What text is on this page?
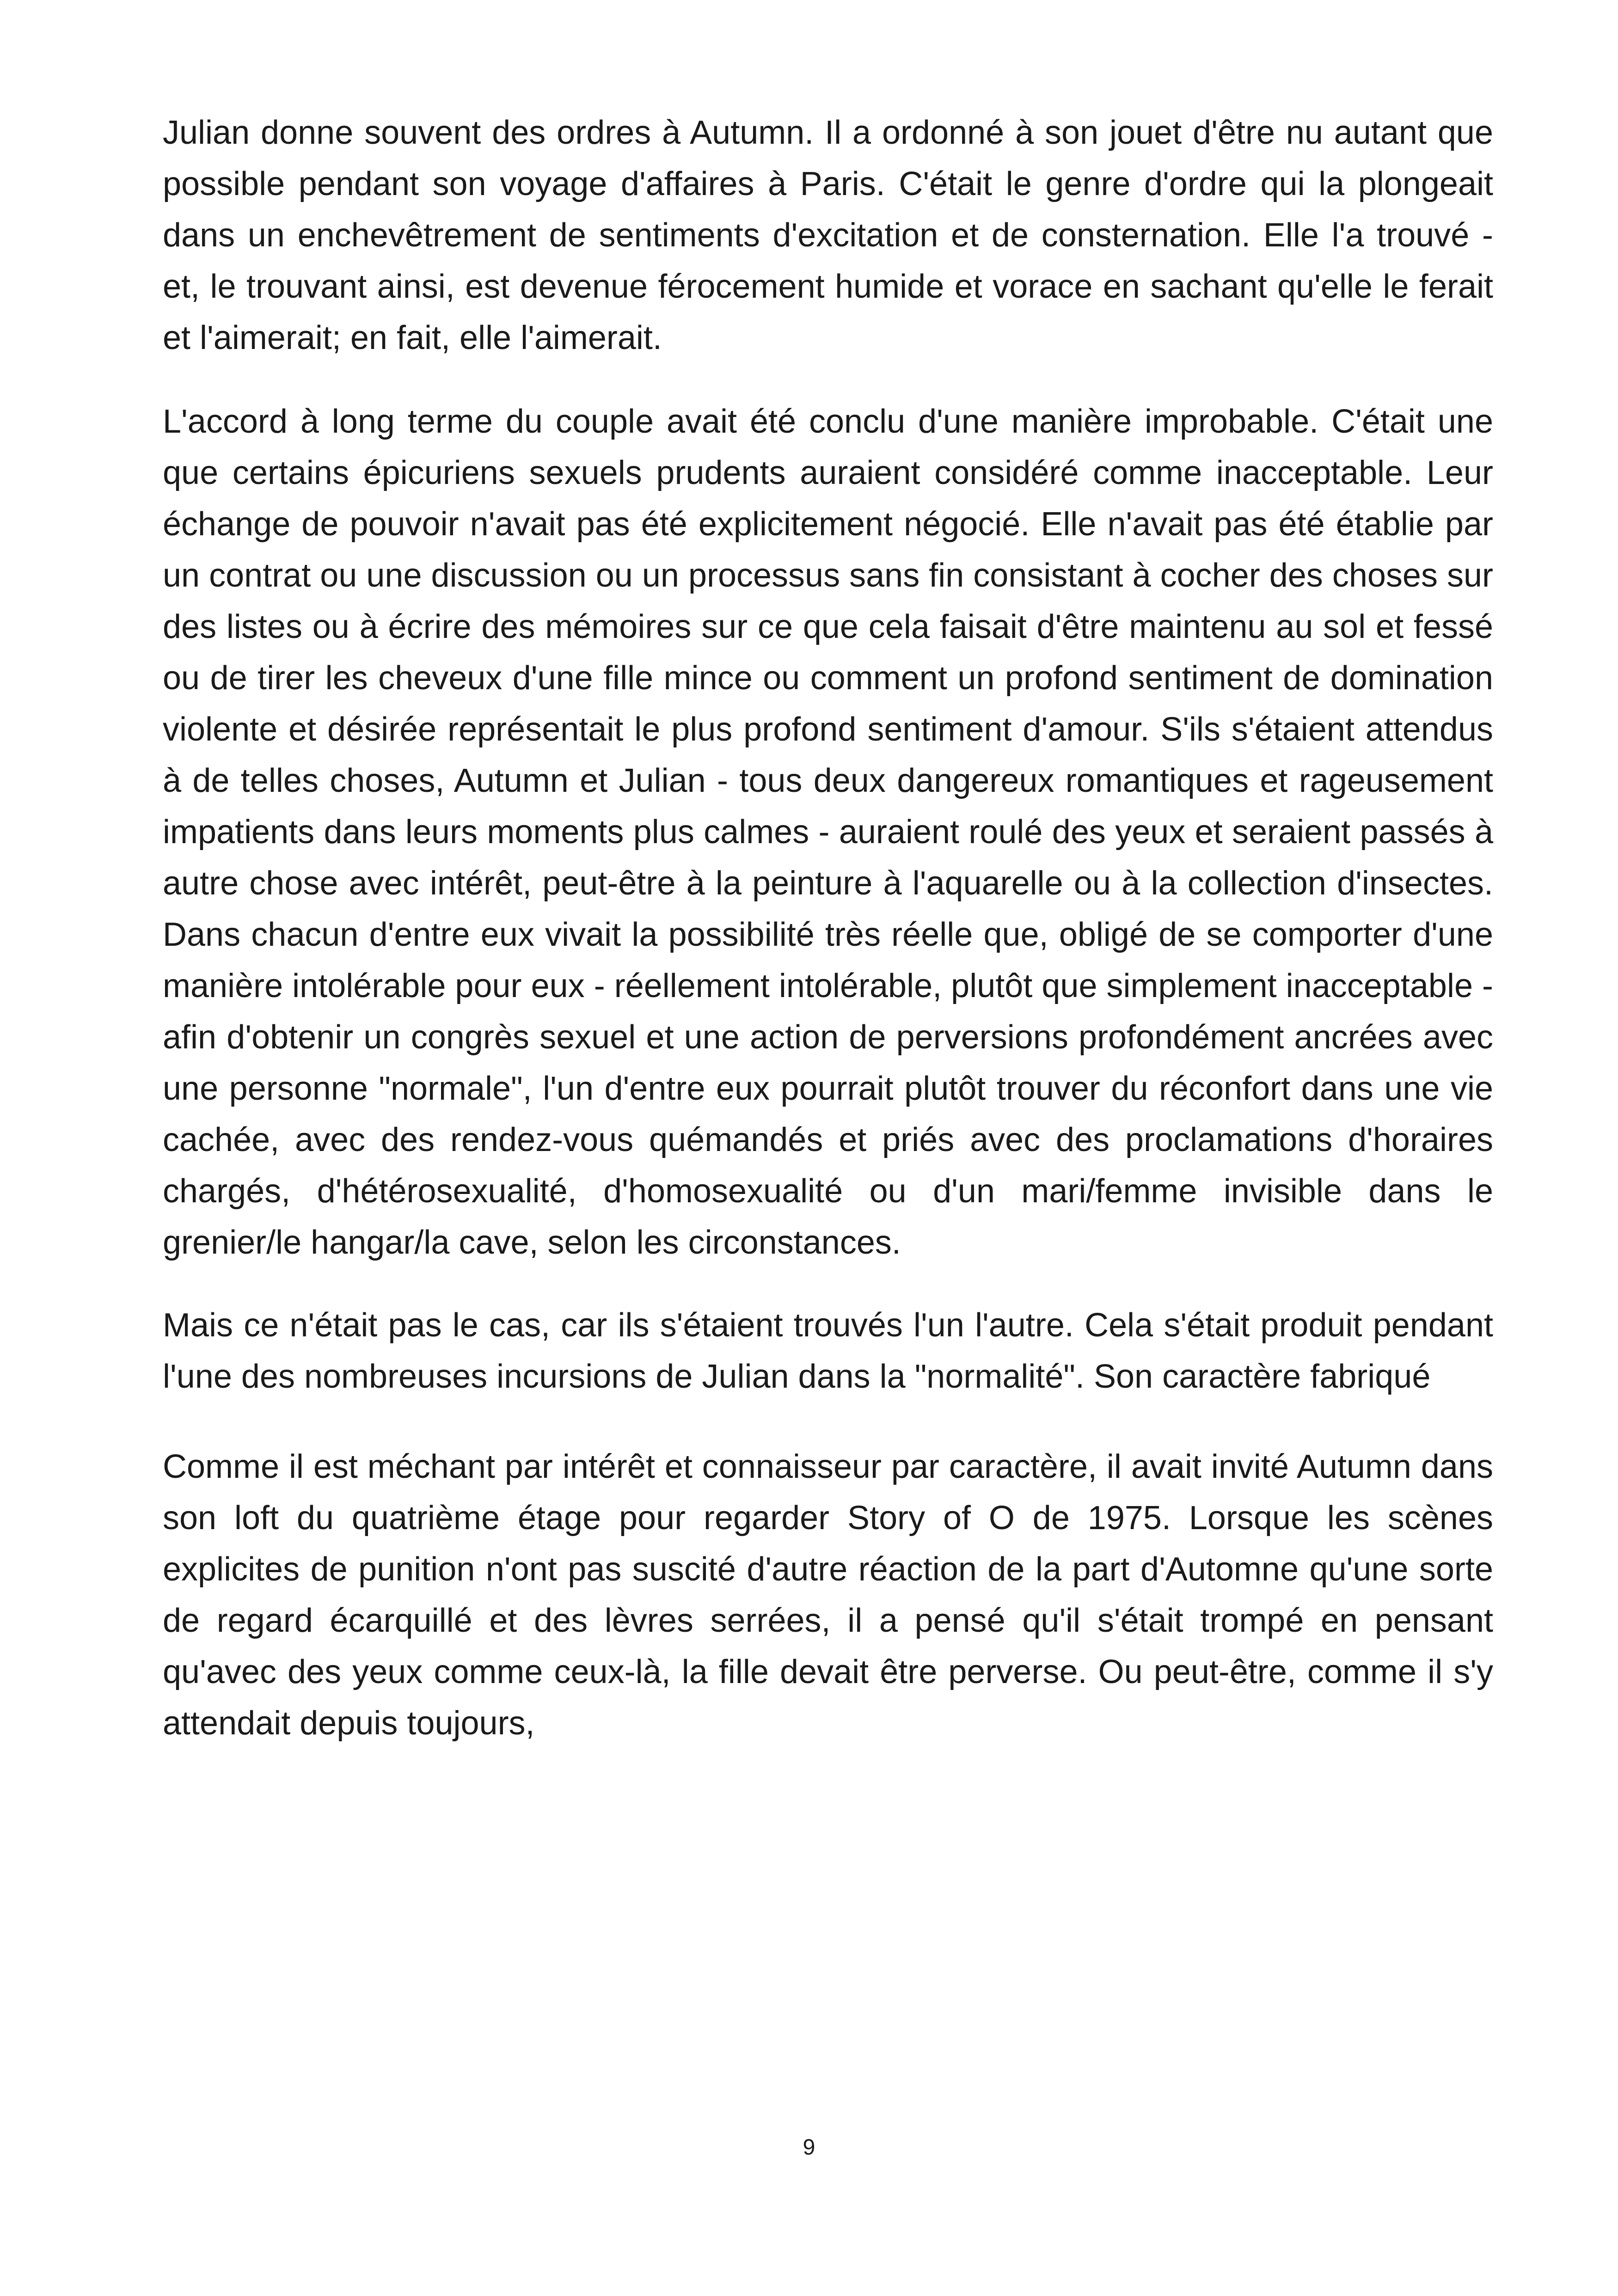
Julian donne souvent des ordres à Autumn. Il a ordonné à son jouet d'être nu autant que possible pendant son voyage d'affaires à Paris. C'était le genre d'ordre qui la plongeait dans un enchevêtrement de sentiments d'excitation et de consternation. Elle l'a trouvé - et, le trouvant ainsi, est devenue férocement humide et vorace en sachant qu'elle le ferait et l'aimerait; en fait, elle l'aimerait.

L'accord à long terme du couple avait été conclu d'une manière improbable. C'était une que certains épicuriens sexuels prudents auraient considéré comme inacceptable. Leur échange de pouvoir n'avait pas été explicitement négocié. Elle n'avait pas été établie par un contrat ou une discussion ou un processus sans fin consistant à cocher des choses sur des listes ou à écrire des mémoires sur ce que cela faisait d'être maintenu au sol et fessé ou de tirer les cheveux d'une fille mince ou comment un profond sentiment de domination violente et désirée représentait le plus profond sentiment d'amour. S'ils s'étaient attendus à de telles choses, Autumn et Julian - tous deux dangereux romantiques et rageusement impatients dans leurs moments plus calmes - auraient roulé des yeux et seraient passés à autre chose avec intérêt, peut-être à la peinture à l'aquarelle ou à la collection d'insectes. Dans chacun d'entre eux vivait la possibilité très réelle que, obligé de se comporter d'une manière intolérable pour eux - réellement intolérable, plutôt que simplement inacceptable - afin d'obtenir un congrès sexuel et une action de perversions profondément ancrées avec une personne "normale", l'un d'entre eux pourrait plutôt trouver du réconfort dans une vie cachée, avec des rendez-vous quémandés et priés avec des proclamations d'horaires chargés, d'hétérosexualité, d'homosexualité ou d'un mari/femme invisible dans le grenier/le hangar/la cave, selon les circonstances.

Mais ce n'était pas le cas, car ils s'étaient trouvés l'un l'autre. Cela s'était produit pendant l'une des nombreuses incursions de Julian dans la "normalité". Son caractère fabriqué

Comme il est méchant par intérêt et connaisseur par caractère, il avait invité Autumn dans son loft du quatrième étage pour regarder Story of O de 1975. Lorsque les scènes explicites de punition n'ont pas suscité d'autre réaction de la part d'Automne qu'une sorte de regard écarquillé et des lèvres serrées, il a pensé qu'il s'était trompé en pensant qu'avec des yeux comme ceux-là, la fille devait être perverse. Ou peut-être, comme il s'y attendait depuis toujours,

9
